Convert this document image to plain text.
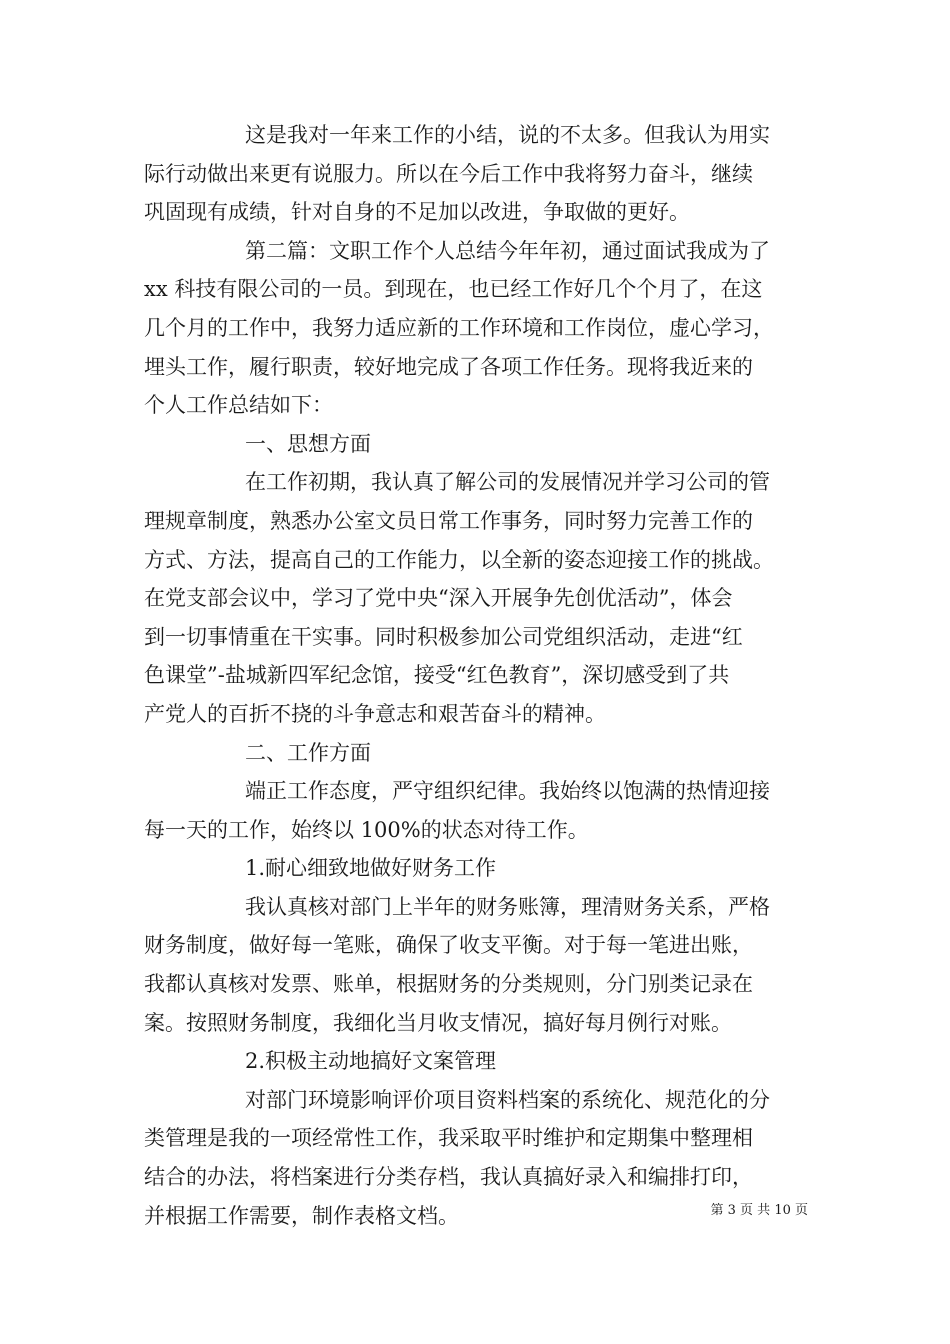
这是我对一年来工作的小结，说的不太多。但我认为用实
际行动做出来更有说服力。所以在今后工作中我将努力奋斗，继续
巩固现有成绩，针对自身的不足加以改进，争取做的更好。
第二篇：文职工作个人总结今年年初，通过面试我成为了
xx 科技有限公司的一员。到现在，也已经工作好几个个月了，在这
几个月的工作中，我努力适应新的工作环境和工作岗位，虚心学习，
埋头工作，履行职责，较好地完成了各项工作任务。现将我近来的
个人工作总结如下：
一、思想方面
在工作初期，我认真了解公司的发展情况并学习公司的管
理规章制度，熟悉办公室文员日常工作事务，同时努力完善工作的
方式、方法，提高自己的工作能力，以全新的姿态迎接工作的挑战。
在党支部会议中，学习了党中央“深入开展争先创优活动”，体会
到一切事情重在干实事。同时积极参加公司党组织活动，走进“红
色课堂”-盐城新四军纪念馆，接受“红色教育”，深切感受到了共
产党人的百折不挠的斗争意志和艰苦奋斗的精神。
二、工作方面
端正工作态度，严守组织纪律。我始终以饱满的热情迎接
每一天的工作，始终以 100%的状态对待工作。
1.耐心细致地做好财务工作
我认真核对部门上半年的财务账簿，理清财务关系，严格
财务制度，做好每一笔账，确保了收支平衡。对于每一笔进出账，
我都认真核对发票、账单，根据财务的分类规则，分门别类记录在
案。按照财务制度，我细化当月收支情况，搞好每月例行对账。
2.积极主动地搞好文案管理
对部门环境影响评价项目资料档案的系统化、规范化的分
类管理是我的一项经常性工作，我采取平时维护和定期集中整理相
结合的办法，将档案进行分类存档，我认真搞好录入和编排打印，
并根据工作需要，制作表格文档。	第 3 页 共 10 页
